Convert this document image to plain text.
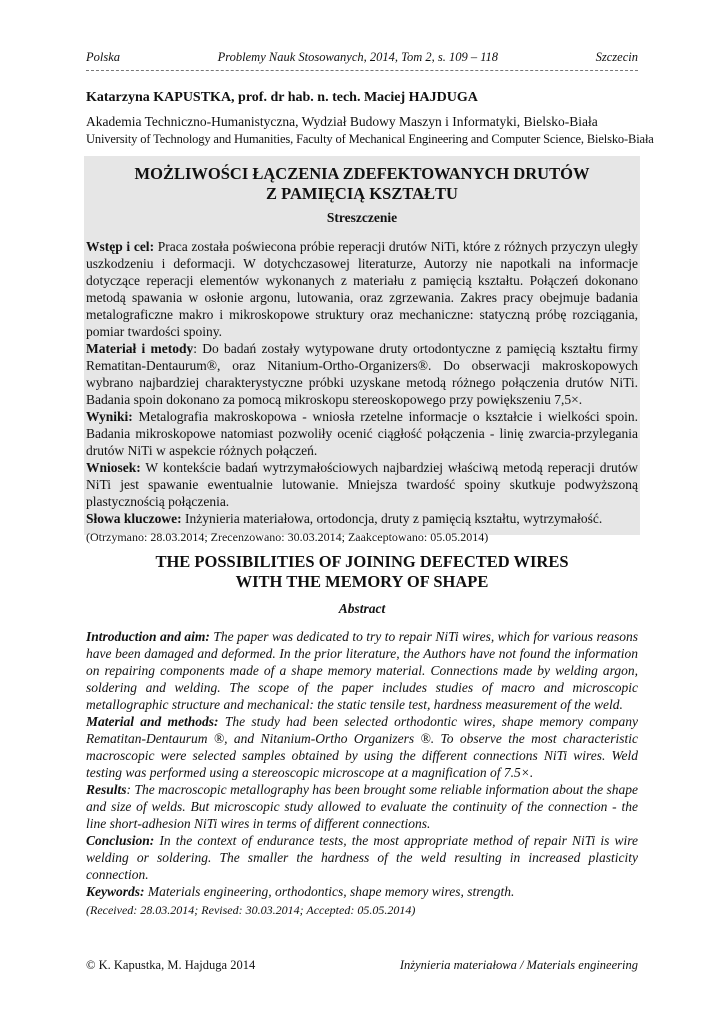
Polska	Problemy Nauk Stosowanych, 2014, Tom 2, s. 109 – 118	Szczecin
Katarzyna KAPUSTKA, prof. dr hab. n. tech. Maciej HAJDUGA
Akademia Techniczno-Humanistyczna, Wydział Budowy Maszyn i Informatyki, Bielsko-Biała
University of Technology and Humanities, Faculty of Mechanical Engineering and Computer Science, Bielsko-Biała
MOŻLIWOŚCI ŁĄCZENIA ZDEFEKTOWANYCH DRUTÓW
Z PAMIĘCIĄ KSZTAŁTU
Streszczenie

Wstęp i cel: Praca została poświecona próbie reperacji drutów NiTi, które z różnych przyczyn uległy uszkodzeniu i deformacji. W dotychczasowej literaturze, Autorzy nie napotkali na informacje dotyczące reperacji elementów wykonanych z materiału z pamięcią kształtu. Połączeń dokonano metodą spawania w osłonie argonu, lutowania, oraz zgrzewania. Zakres pracy obejmuje badania metalograficzne makro i mikroskopowe struktury oraz mechaniczne: statyczną próbę rozciągania, pomiar twardości spoiny.

Materiał i metody: Do badań zostały wytypowane druty ortodontyczne z pamięcią kształtu firmy Rematitan-Dentaurum®, oraz Nitanium-Ortho-Organizers®. Do obserwacji makroskopowych wybrano najbardziej charakterystyczne próbki uzyskane metodą różnego połączenia drutów NiTi. Badania spoin dokonano za pomocą mikroskopu stereoskopowego przy powiększeniu 7,5×.

Wyniki: Metalografia makroskopowa - wniosła rzetelne informacje o kształcie i wielkości spoin. Badania mikroskopowe natomiast pozwoliły ocenić ciągłość połączenia - linię zwarcia-przylegania drutów NiTi w aspekcie różnych połączeń.

Wniosek: W kontekście badań wytrzymałościowych najbardziej właściwą metodą reperacji drutów NiTi jest spawanie ewentualnie lutowanie. Mniejsza twardość spoiny skutkuje podwyższoną plastycznością połączenia.

Słowa kluczowe: Inżynieria materiałowa, ortodoncja, druty z pamięcią kształtu, wytrzymałość.

(Otrzymano: 28.03.2014; Zrecenzowano: 30.03.2014; Zaakceptowano: 05.05.2014)

THE POSSIBILITIES OF JOINING DEFECTED WIRES
WITH THE MEMORY OF SHAPE
Abstract

Introduction and aim: The paper was dedicated to try to repair NiTi wires, which for various reasons have been damaged and deformed. In the prior literature, the Authors have not found the information on repairing components made of a shape memory material. Connections made by welding argon, soldering and welding. The scope of the paper includes studies of macro and microscopic metallographic structure and mechanical: the static tensile test, hardness measurement of the weld.

Material and methods: The study had been selected orthodontic wires, shape memory company Rematitan-Dentaurum ®, and Nitanium-Ortho Organizers ®. To observe the most characteristic macroscopic were selected samples obtained by using the different connections NiTi wires. Weld testing was performed using a stereoscopic microscope at a magnification of 7.5×.

Results: The macroscopic metallography has been brought some reliable information about the shape and size of welds. But microscopic study allowed to evaluate the continuity of the connection - the line short-adhesion NiTi wires in terms of different connections.

Conclusion: In the context of endurance tests, the most appropriate method of repair NiTi is wire welding or soldering. The smaller the hardness of the weld resulting in increased plasticity connection.

Keywords: Materials engineering, orthodontics, shape memory wires, strength.

(Received: 28.03.2014; Revised: 30.03.2014; Accepted: 05.05.2014)

© K. Kapustka, M. Hajduga 2014	Inżynieria materiałowa / Materials engineering
